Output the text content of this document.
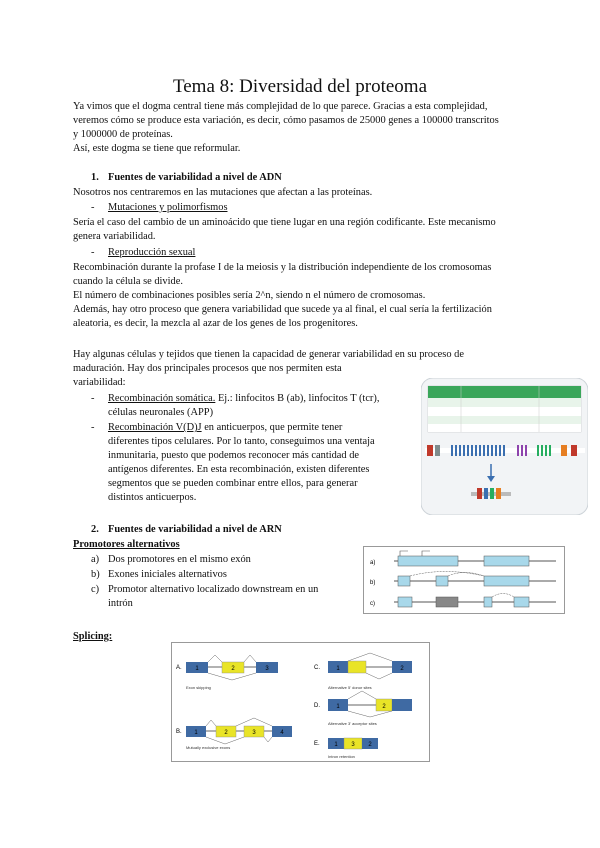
Tema 8: Diversidad del proteoma
Ya vimos que el dogma central tiene más complejidad de lo que parece. Gracias a esta complejidad,
veremos cómo se produce esta variación, es decir, cómo pasamos de 25000 genes a 100000 transcritos
y 1000000 de proteínas.
Así, este dogma se tiene que reformular.
1. Fuentes de variabilidad a nivel de ADN
Nosotros nos centraremos en las mutaciones que afectan a las proteínas.
- Mutaciones y polimorfismos
Sería el caso del cambio de un aminoácido que tiene lugar en una región codificante. Este mecanismo
genera variabilidad.
- Reproducción sexual
Recombinación durante la profase I de la meiosis y la distribución independiente de los cromosomas
cuando la célula se divide.
El número de combinaciones posibles sería 2^n, siendo n el número de cromosomas.
Además, hay otro proceso que genera variabilidad que sucede ya al final, el cual sería la fertilización
aleatoria, es decir, la mezcla al azar de los genes de los progenitores.
Hay algunas células y tejidos que tienen la capacidad de generar variabilidad en su proceso de
maduración. Hay dos principales procesos que nos permiten esta
variabilidad:
- Recombinación somática. Ej.: linfocitos B (ab), linfocitos T (tcr),
células neuronales (APP)
- Recombinación V(D)J en anticuerpos, que permite tener
diferentes tipos celulares. Por lo tanto, conseguimos una ventaja
inmunitaria, puesto que podemos reconocer más cantidad de
antígenos diferentes. En esta recombinación, existen diferentes
segmentos que se pueden combinar entre ellos, para generar
distintos anticuerpos.
2. Fuentes de variabilidad a nivel de ARN
Promotores alternativos
a) Dos promotores en el mismo exón
b) Exones iniciales alternativos
c) Promotor alternativo localizado downstream en un
intrón
a)
b)
c)
Splicing:
A. 1	2	3
Exon skipping
B. 1	2	3	4
Mutually exclusive exons
C.	1	2
Alternative 5' donor sites
D.	1	2
Alternative 3' acceptor sites
E. 1 3 2
Intron retention
